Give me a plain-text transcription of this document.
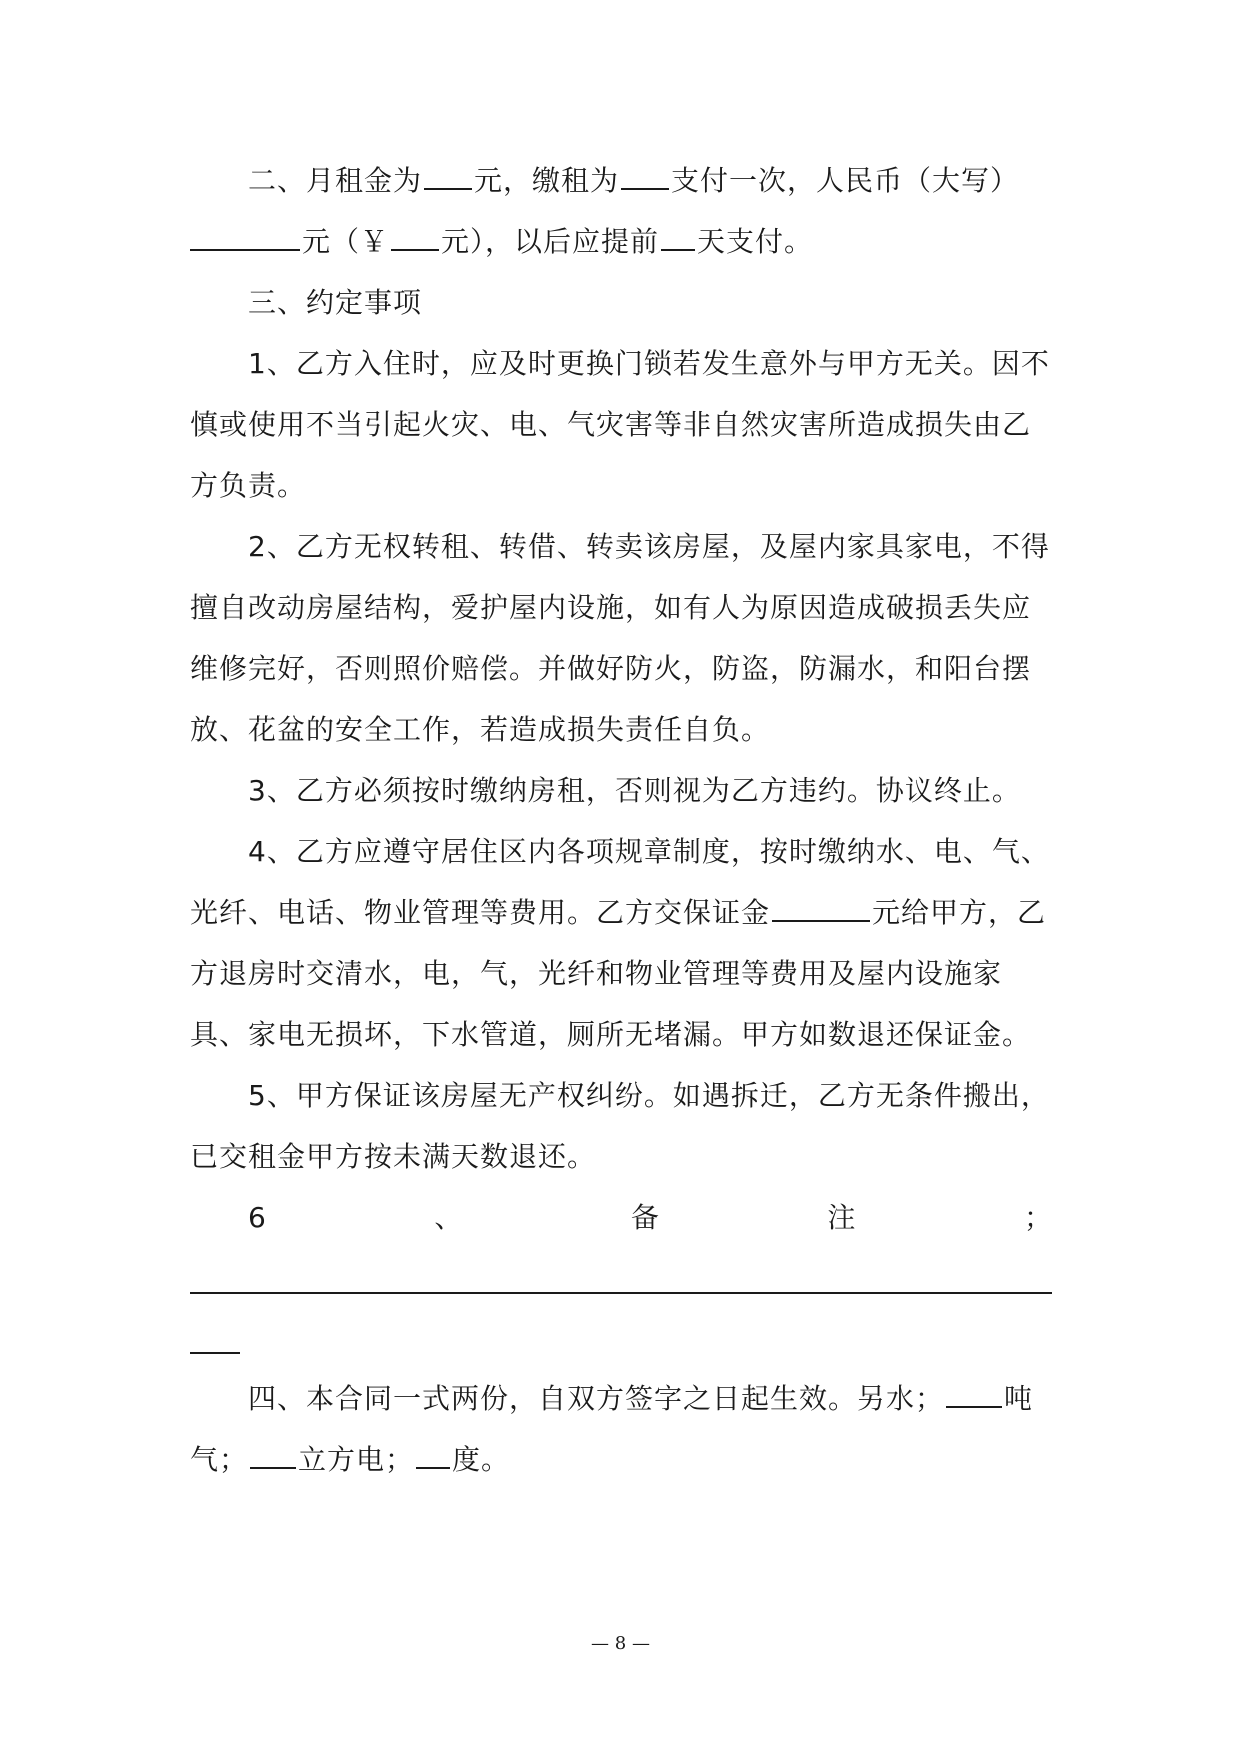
二、月租金为 元，缴租为 支付一次，人民币（大写）元（￥ 元），以后应提前 天支付。

三、约定事项

1、乙方入住时，应及时更换门锁若发生意外与甲方无关。因不慎或使用不当引起火灾、电、气灾害等非自然灾害所造成损失由乙方负责。

2、乙方无权转租、转借、转卖该房屋，及屋内家具家电，不得擅自改动房屋结构，爱护屋内设施，如有人为原因造成破损丢失应维修完好，否则照价赔偿。并做好防火，防盗，防漏水，和阳台摆放、花盆的安全工作，若造成损失责任自负。

3、乙方必须按时缴纳房租，否则视为乙方违约。协议终止。

4、乙方应遵守居住区内各项规章制度，按时缴纳水、电、气、光纤、电话、物业管理等费用。乙方交保证金	元给甲方，乙方退房时交清水，电，气，光纤和物业管理等费用及屋内设施家具、家电无损坏，下水管道，厕所无堵漏。甲方如数退还保证金。

5、甲方保证该房屋无产权纠纷。如遇拆迁，乙方无条件搬出，已交租金甲方按未满天数退还。

6	、	备	注	；

四、本合同一式两份，自双方签字之日起生效。另水； 吨气； 立方电； 度。

— 8 —
